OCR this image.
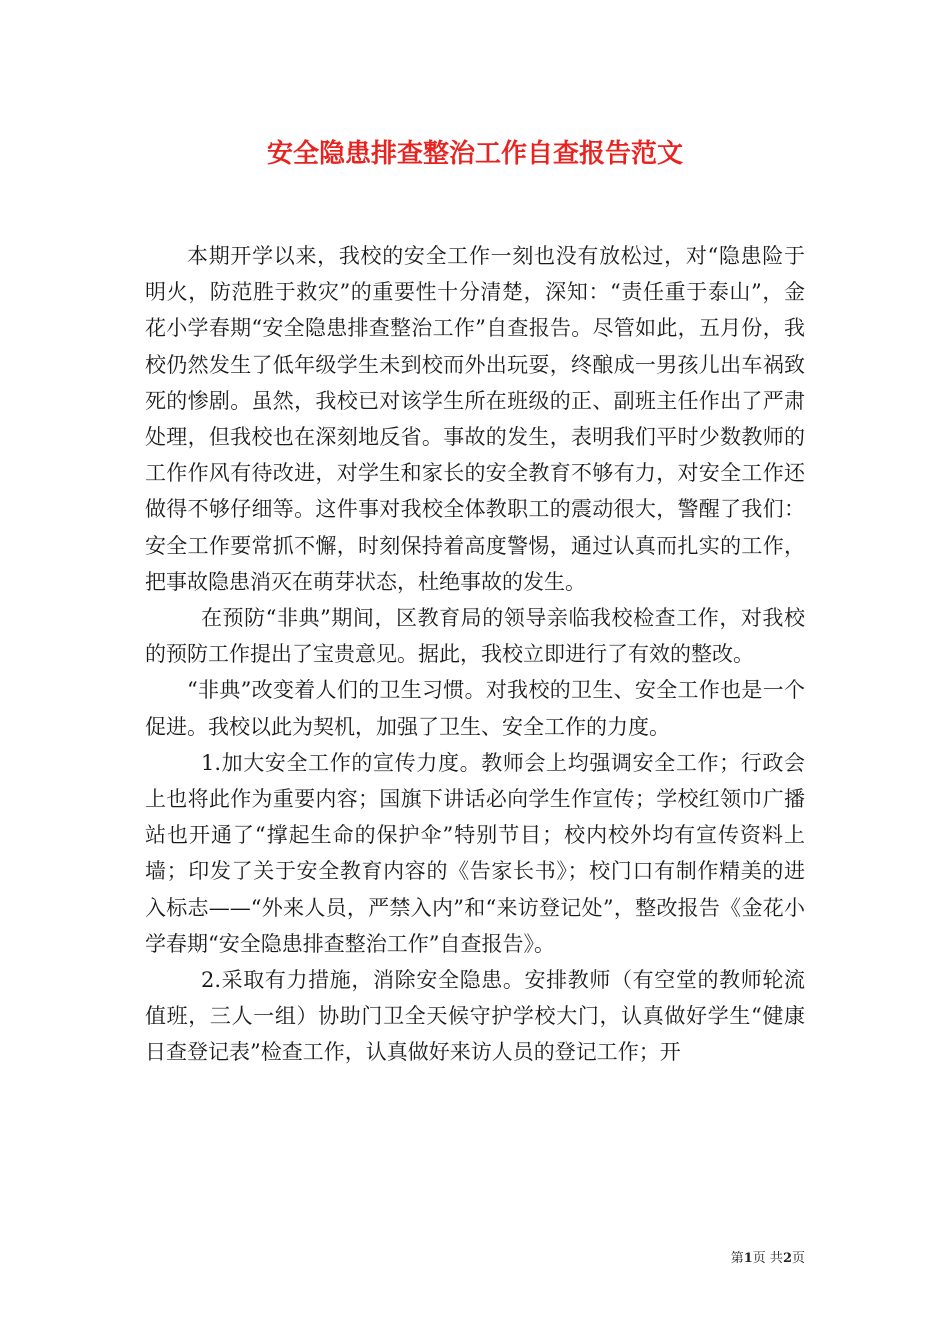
安全隐患排查整治工作自查报告范文

本期开学以来，我校的安全工作一刻也没有放松过，对“隐患险于明火，防范胜于救灾”的重要性十分清楚，深知：“责任重于泰山”，金花小学春期“安全隐患排查整治工作”自查报告。尽管如此，五月份，我校仍然发生了低年级学生未到校而外出玩耍，终酿成一男孩儿出车祸致死的惨剧。虽然，我校已对该学生所在班级的正、副班主任作出了严肃处理，但我校也在深刻地反省。事故的发生，表明我们平时少数教师的工作作风有待改进，对学生和家长的安全教育不够有力，对安全工作还做得不够仔细等。这件事对我校全体教职工的震动很大，警醒了我们：安全工作要常抓不懈，时刻保持着高度警惕，通过认真而扎实的工作，把事故隐患消灭在萌芽状态，杜绝事故的发生。

在预防“非典”期间，区教育局的领导亲临我校检查工作，对我校的预防工作提出了宝贵意见。据此，我校立即进行了有效的整改。

“非典”改变着人们的卫生习惯。对我校的卫生、安全工作也是一个促进。我校以此为契机，加强了卫生、安全工作的力度。

1.加大安全工作的宣传力度。教师会上均强调安全工作；行政会上也将此作为重要内容；国旗下讲话必向学生作宣传；学校红领巾广播站也开通了“撑起生命的保护伞”特别节目；校内校外均有宣传资料上墙；印发了关于安全教育内容的《告家长书》；校门口有制作精美的进入标志——“外来人员，严禁入内”和“来访登记处”，整改报告《金花小学春期“安全隐患排查整治工作”自查报告》。

2.采取有力措施，消除安全隐患。安排教师（有空堂的教师轮流值班，三人一组）协助门卫全天候守护学校大门，认真做好学生“健康日查登记表”检查工作，认真做好来访人员的登记工作；开

第1页 共2页
